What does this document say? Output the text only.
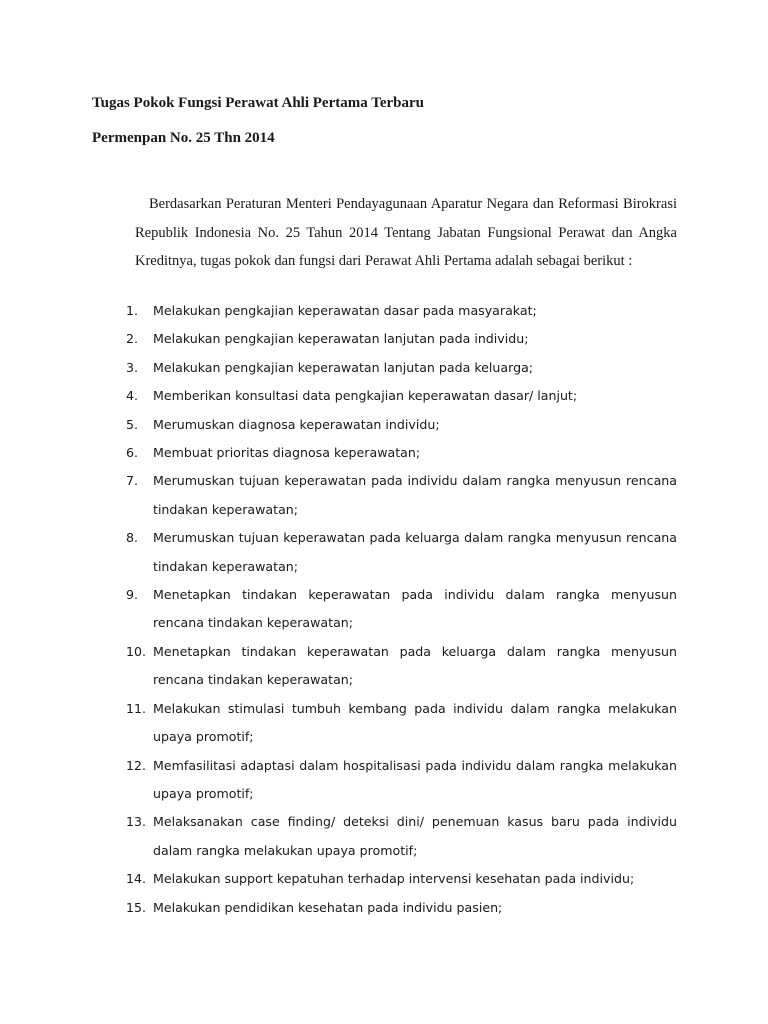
Tugas Pokok Fungsi Perawat Ahli Pertama Terbaru
Permenpan No. 25 Thn 2014

Berdasarkan Peraturan Menteri Pendayagunaan Aparatur Negara dan Reformasi Birokrasi Republik Indonesia No. 25 Tahun 2014 Tentang Jabatan Fungsional Perawat dan Angka Kreditnya, tugas pokok dan fungsi dari Perawat Ahli Pertama adalah sebagai berikut :

1.	Melakukan pengkajian keperawatan dasar pada masyarakat;
2.	Melakukan pengkajian keperawatan lanjutan pada individu;
3.	Melakukan pengkajian keperawatan lanjutan pada keluarga;
4.	Memberikan konsultasi data pengkajian keperawatan dasar/ lanjut;
5.	Merumuskan diagnosa keperawatan individu;
6.	Membuat prioritas diagnosa keperawatan;
7.	Merumuskan tujuan keperawatan pada individu dalam rangka menyusun rencana tindakan keperawatan;
8.	Merumuskan tujuan keperawatan pada keluarga dalam rangka menyusun rencana tindakan keperawatan;
9.	Menetapkan tindakan keperawatan pada individu dalam rangka menyusun rencana tindakan keperawatan;
10. Menetapkan tindakan keperawatan pada keluarga dalam rangka menyusun rencana tindakan keperawatan;
11. Melakukan stimulasi tumbuh kembang pada individu dalam rangka melakukan upaya promotif;
12. Memfasilitasi adaptasi dalam hospitalisasi pada individu dalam rangka melakukan upaya promotif;
13. Melaksanakan case finding/ deteksi dini/ penemuan kasus baru pada individu dalam rangka melakukan upaya promotif;
14. Melakukan support kepatuhan terhadap intervensi kesehatan pada individu;
15. Melakukan pendidikan kesehatan pada individu pasien;
